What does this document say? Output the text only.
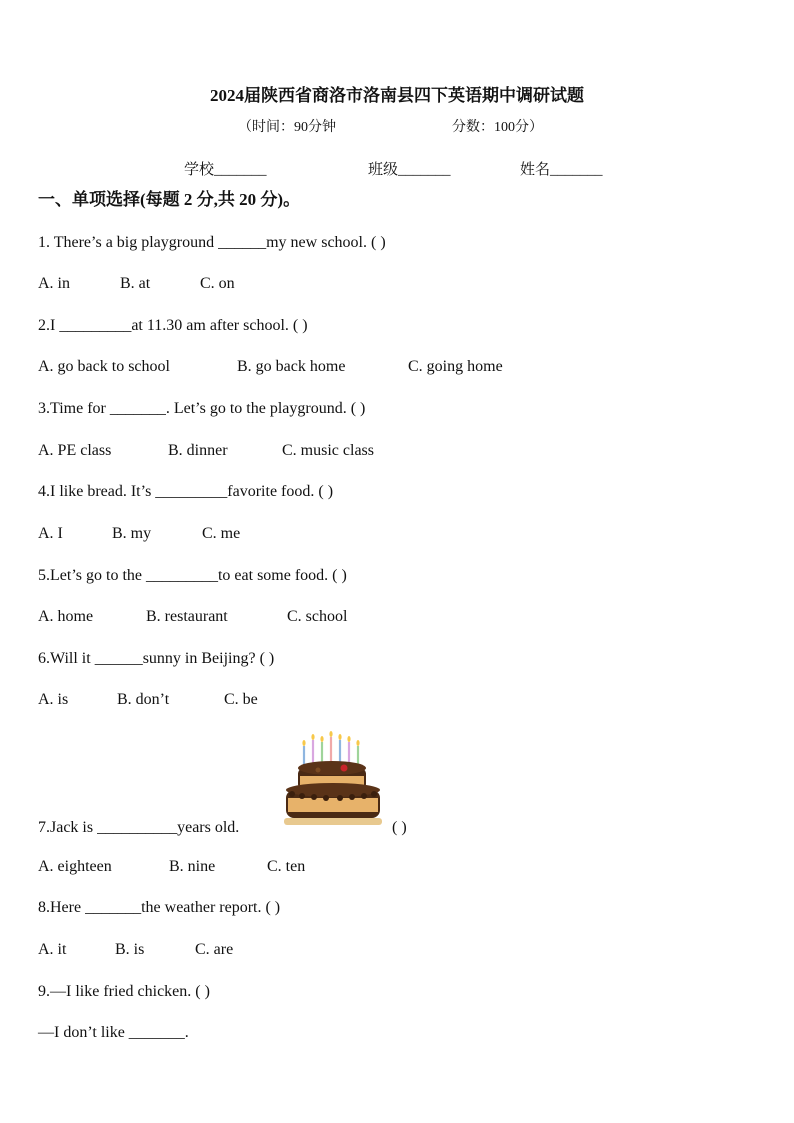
2024届陕西省商洛市洛南县四下英语期中调研试题
（时间：90分钟	分数：100分）
学校_______	班级_______	姓名_______
一、单项选择(每题 2 分,共 20 分)。
1. There’s a big playground ______my new school. ( )
A. in	B. at	C. on
2.I _________at 11.30 am after school. ( )
A. go back to school	B. go back home	C. going home
3.Time for _______. Let’s go to the playground. ( )
A. PE class	B. dinner	C. music class
4.I like bread. It’s _________favorite food. ( )
A. I	B. my	C. me
5.Let’s go to the _________to eat some food. ( )
A. home	B. restaurant	C. school
6.Will it ______sunny in Beijing? ( )
A. is	B. don’t	C. be
7.Jack is __________years old.	( )
A. eighteen	B. nine	C. ten
8.Here _______the weather report. ( )
A. it	B. is	C. are
9.—I like fried chicken. ( )
—I don’t like _______.
